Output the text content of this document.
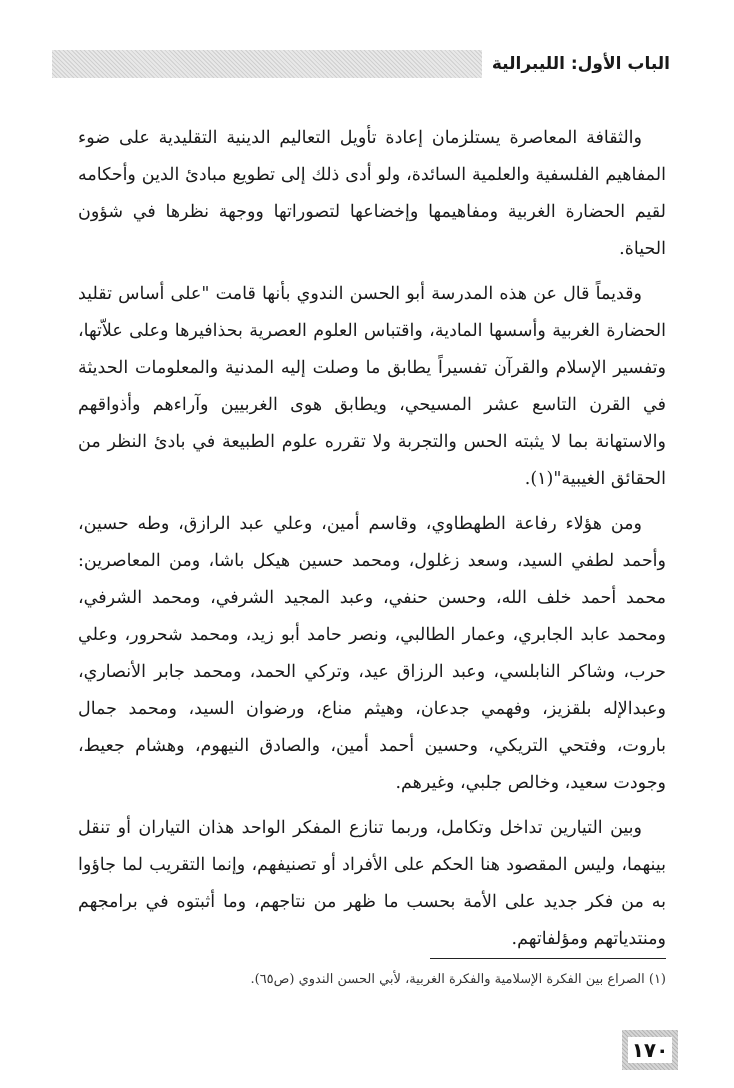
الباب الأول: الليبرالية

والثقافة المعاصرة يستلزمان إعادة تأويل التعاليم الدينية التقليدية على ضوء المفاهيم الفلسفية والعلمية السائدة، ولو أدى ذلك إلى تطويع مبادئ الدين وأحكامه لقيم الحضارة الغربية ومفاهيمها وإخضاعها لتصوراتها ووجهة نظرها في شؤون الحياة.

وقديماً قال عن هذه المدرسة أبو الحسن الندوي بأنها قامت "على أساس تقليد الحضارة الغربية وأسسها المادية، واقتباس العلوم العصرية بحذافيرها وعلى علاّتها، وتفسير الإسلام والقرآن تفسيراً يطابق ما وصلت إليه المدنية والمعلومات الحديثة في القرن التاسع عشر المسيحي، ويطابق هوى الغربيين وآراءهم وأذواقهم والاستهانة بما لا يثبته الحس والتجربة ولا تقرره علوم الطبيعة في بادئ النظر من الحقائق الغيبية"(١).

ومن هؤلاء رفاعة الطهطاوي، وقاسم أمين، وعلي عبد الرازق، وطه حسين، وأحمد لطفي السيد، وسعد زغلول، ومحمد حسين هيكل باشا، ومن المعاصرين: محمد أحمد خلف الله، وحسن حنفي، وعبد المجيد الشرفي، ومحمد الشرفي، ومحمد عابد الجابري، وعمار الطالبي، ونصر حامد أبو زيد، ومحمد شحرور، وعلي حرب، وشاكر النابلسي، وعبد الرزاق عيد، وتركي الحمد، ومحمد جابر الأنصاري، وعبدالإله بلقزيز، وفهمي جدعان، وهيثم مناع، ورضوان السيد، ومحمد جمال باروت، وفتحي التريكي، وحسين أحمد أمين، والصادق النيهوم، وهشام جعيط، وجودت سعيد، وخالص جلبي، وغيرهم.

وبين التيارين تداخل وتكامل، وربما تنازع المفكر الواحد هذان التياران أو تنقل بينهما، وليس المقصود هنا الحكم على الأفراد أو تصنيفهم، وإنما التقريب لما جاؤوا به من فكر جديد على الأمة بحسب ما ظهر من نتاجهم، وما أثبتوه في برامجهم ومنتدياتهم ومؤلفاتهم.

(١) الصراع بين الفكرة الإسلامية والفكرة الغربية، لأبي الحسن الندوي (ص٦٥).
١٧٠
